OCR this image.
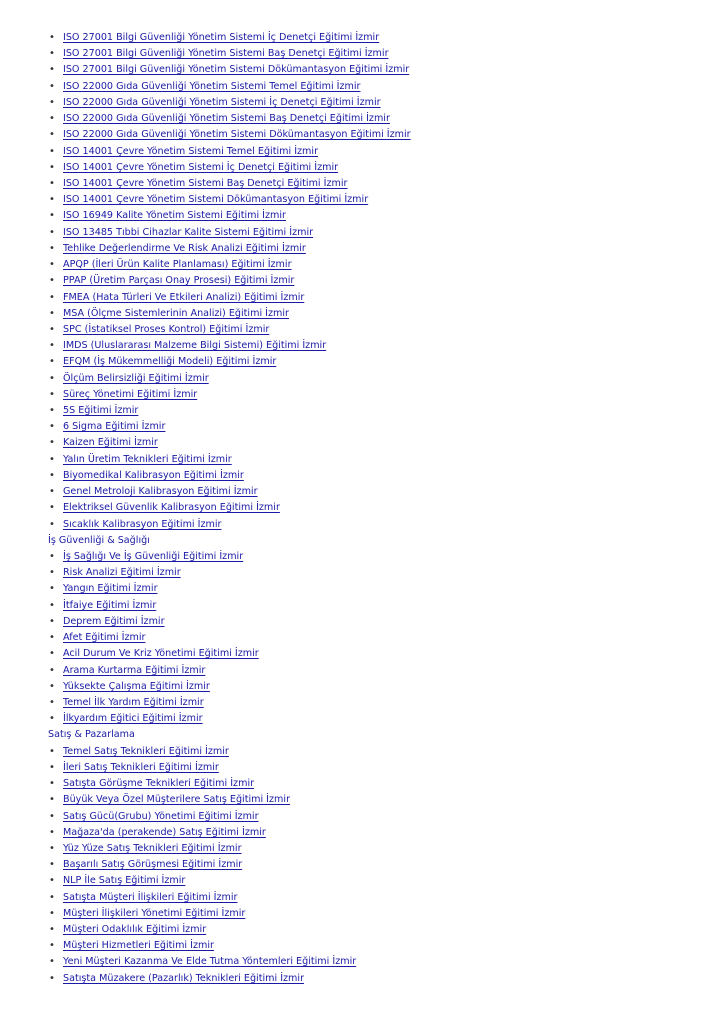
• ISO 27001 Bilgi Güvenliği Yönetim Sistemi İç Denetçi Eğitimi İzmir
• ISO 27001 Bilgi Güvenliği Yönetim Sistemi Baş Denetçi Eğitimi İzmir
• ISO 27001 Bilgi Güvenliği Yönetim Sistemi Dökümantasyon Eğitimi İzmir
• ISO 22000 Gıda Güvenliği Yönetim Sistemi Temel Eğitimi İzmir
• ISO 22000 Gıda Güvenliği Yönetim Sistemi İç Denetçi Eğitimi İzmir
• ISO 22000 Gıda Güvenliği Yönetim Sistemi Baş Denetçi Eğitimi İzmir
• ISO 22000 Gıda Güvenliği Yönetim Sistemi Dökümantasyon Eğitimi İzmir
• ISO 14001 Çevre Yönetim Sistemi Temel Eğitimi İzmir
• ISO 14001 Çevre Yönetim Sistemi İç Denetçi Eğitimi İzmir
• ISO 14001 Çevre Yönetim Sistemi Baş Denetçi Eğitimi İzmir
• ISO 14001 Çevre Yönetim Sistemi Dökümantasyon Eğitimi İzmir
• ISO 16949 Kalite Yönetim Sistemi Eğitimi İzmir
• ISO 13485 Tıbbi Cihazlar Kalite Sistemi Eğitimi İzmir
• Tehlike Değerlendirme Ve Risk Analizi Eğitimi İzmir
• APQP (İleri Ürün Kalite Planlaması) Eğitimi İzmir
• PPAP (Üretim Parçası Onay Prosesi) Eğitimi İzmir
• FMEA (Hata Türleri Ve Etkileri Analizi) Eğitimi İzmir
• MSA (Ölçme Sistemlerinin Analizi) Eğitimi İzmir
• SPC (İstatiksel Proses Kontrol) Eğitimi İzmir
• IMDS (Uluslararası Malzeme Bilgi Sistemi) Eğitimi İzmir
• EFQM (İş Mükemmelliği Modeli) Eğitimi İzmir
• Ölçüm Belirsizliği Eğitimi İzmir
• Süreç Yönetimi Eğitimi İzmir
• 5S Eğitimi İzmir
• 6 Sigma Eğitimi İzmir
• Kaizen Eğitimi İzmir
• Yalın Üretim Teknikleri Eğitimi İzmir
• Biyomedikal Kalibrasyon Eğitimi İzmir
• Genel Metroloji Kalibrasyon Eğitimi İzmir
• Elektriksel Güvenlik Kalibrasyon Eğitimi İzmir
• Sıcaklık Kalibrasyon Eğitimi İzmir
İş Güvenliği & Sağlığı
• İş Sağlığı Ve İş Güvenliği Eğitimi İzmir
• Risk Analizi Eğitimi İzmir
• Yangın Eğitimi İzmir
• İtfaiye Eğitimi İzmir
• Deprem Eğitimi İzmir
• Afet Eğitimi İzmir
• Acil Durum Ve Kriz Yönetimi Eğitimi İzmir
• Arama Kurtarma Eğitimi İzmir
• Yüksekte Çalışma Eğitimi İzmir
• Temel İlk Yardım Eğitimi İzmir
• İlkyardım Eğitici Eğitimi İzmir
Satış & Pazarlama
• Temel Satış Teknikleri Eğitimi İzmir
• İleri Satış Teknikleri Eğitimi İzmir
• Satışta Görüşme Teknikleri Eğitimi İzmir
• Büyük Veya Özel Müşterilere Satış Eğitimi İzmir
• Satış Gücü(Grubu) Yönetimi Eğitimi İzmir
• Mağaza'da (perakende) Satış Eğitimi İzmir
• Yüz Yüze Satış Teknikleri Eğitimi İzmir
• Başarılı Satış Görüşmesi Eğitimi İzmir
• NLP İle Satış Eğitimi İzmir
• Satışta Müşteri İlişkileri Eğitimi İzmir
• Müşteri İlişkileri Yönetimi Eğitimi İzmir
• Müşteri Odaklılık Eğitimi İzmir
• Müşteri Hizmetleri Eğitimi İzmir
• Yeni Müşteri Kazanma Ve Elde Tutma Yöntemleri Eğitimi İzmir
• Satışta Müzakere (Pazarlık) Teknikleri Eğitimi İzmir
